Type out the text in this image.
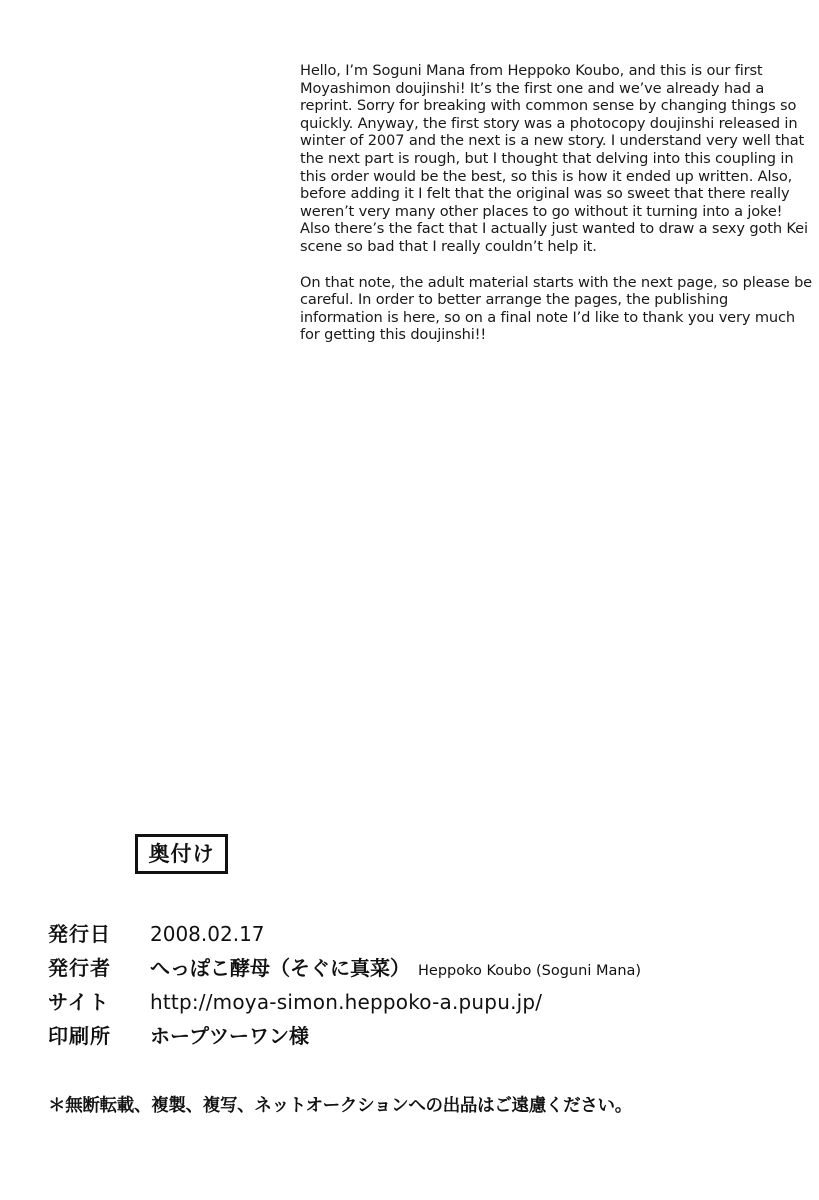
Hello, I’m Soguni Mana from Heppoko Koubo, and this is our first Moyashimon doujinshi! It’s the first one and we’ve already had a reprint. Sorry for breaking with common sense by changing things so quickly. Anyway, the first story was a photocopy doujinshi released in winter of 2007 and the next is a new story. I understand very well that the next part is rough, but I thought that delving into this coupling in this order would be the best, so this is how it ended up written. Also, before adding it I felt that the original was so sweet that there really weren’t very many other places to go without it turning into a joke! Also there’s the fact that I actually just wanted to draw a sexy goth Kei scene so bad that I really couldn’t help it.

On that note, the adult material starts with the next page, so please be careful. In order to better arrange the pages, the publishing information is here, so on a final note I’d like to thank you very much for getting this doujinshi!!

奥付け
発行日	2008.02.17
発行者	へっぽこ酵母（そぐに真菜） Heppoko Koubo (Soguni Mana)
サイト	http://moya-simon.heppoko-a.pupu.jp/
印刷所	ホープツーワン様
＊無断転載、複製、複写、ネットオークションへの出品はご遠慮ください。
